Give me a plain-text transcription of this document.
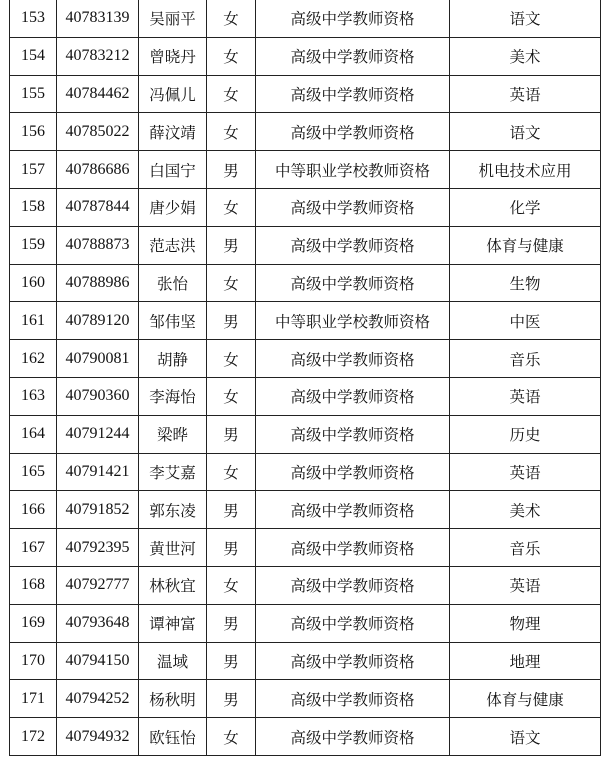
153	40783139	吴丽平	女	高级中学教师资格	语文
154	40783212	曾晓丹	女	高级中学教师资格	美术
155	40784462	冯佩儿	女	高级中学教师资格	英语
156	40785022	薛汶靖	女	高级中学教师资格	语文
157	40786686	白国宁	男	中等职业学校教师资格	机电技术应用
158	40787844	唐少娟	女	高级中学教师资格	化学
159	40788873	范志洪	男	高级中学教师资格	体育与健康
160	40788986	张怡	女	高级中学教师资格	生物
161	40789120	邹伟坚	男	中等职业学校教师资格	中医
162	40790081	胡静	女	高级中学教师资格	音乐
163	40790360	李海怡	女	高级中学教师资格	英语
164	40791244	梁晔	男	高级中学教师资格	历史
165	40791421	李艾嘉	女	高级中学教师资格	英语
166	40791852	郭东凌	男	高级中学教师资格	美术
167	40792395	黄世河	男	高级中学教师资格	音乐
168	40792777	林秋宜	女	高级中学教师资格	英语
169	40793648	谭神富	男	高级中学教师资格	物理
170	40794150	温域	男	高级中学教师资格	地理
171	40794252	杨秋明	男	高级中学教师资格	体育与健康
172	40794932	欧钰怡	女	高级中学教师资格	语文
